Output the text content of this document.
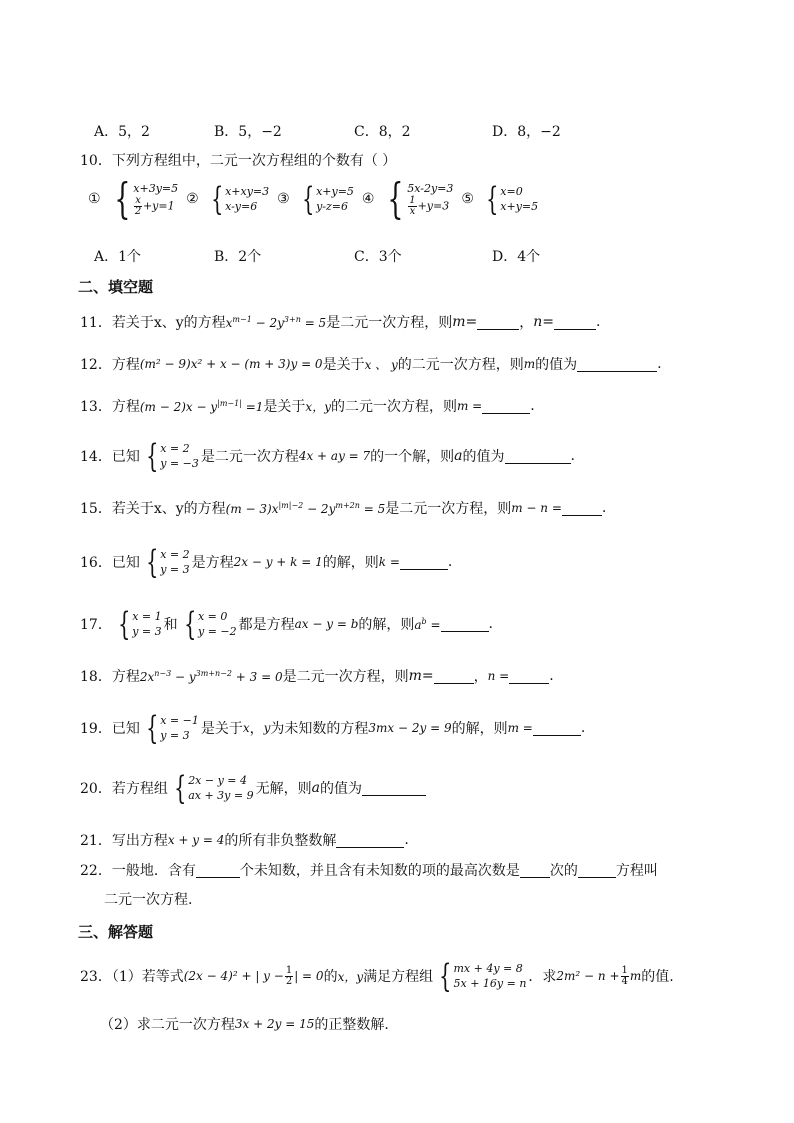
A．5，2	B．5，−2	C．8，2	D．8，−2
10．下列方程组中，二元一次方程组的个数有（ ）
① { x+3y=5
$\frac{x}{2} +y=1$ ② { x+xy=3
x-y=6	③ { x+y=5
y-z=6 ④ { 5x-2y=3
$\frac{1}{x} +y=3$ ⑤ { x=0
x+y=5
A．1个	B．2个	C．3个	D．4个
二、填空题
11．若关于 x、y 的方程 $x^{m-1} - 2y^{3+n} = 5$ 是二元一次方程，则 m =	， n =	.
12．方程 (m² − 9)x² + x − (m + 3)y = 0 是关于 x 、 y 的二元一次方程，则 m 的值为	.
13．方程 $(m - 2)x - y^{|m-1|} =1$ 是关于 x，y 的二元一次方程，则 m =	.
14．已知 { x = 2
y = −3 是二元一次方程 4x + ay = 7 的一个解，则 a 的值为	.
15．若关于 x、y 的方程 $(m - 3)x^{|m|-2} - 2y^{m+2n} = 5$ 是二元一次方程，则 m − n =	.
16．已知 { x = 2
y = 3 是方程 2x − y + k = 1 的解，则 k =	.
17． { x = 1
y = 3 和 { x = 0
y = −2 都是方程 ax − y = b 的解，则 $a^b$ =	.
18．方程 $2x^{n-3} - y^{3m+n-2} + 3 = 0$ 是二元一次方程，则 m=	， n =	.
19．已知 { x = −1
y = 3 是关于 x ， y 为未知数的方程 3mx − 2y = 9 的解，则 m =	.
20．若方程组 { 2x − y = 4
ax + 3y = 9 无解，则 a 的值为
21．写出方程 x + y = 4 的所有非负整数解	.
22．一般地．含有	个未知数，并且含有未知数的项的最高次数是 次的	方程叫
二元一次方程.
三、解答题
23．（1）若等式 (2x − 4)² + | $y - \frac{1}{2}$ | = 0 的 x，y 满足方程组 { mx + 4y = 8
5x + 16y = n ．求 $2m^2 - n + \frac{1}{4}$ m 的值.
（2）求二元一次方程 3x + 2y = 15 的正整数解.
